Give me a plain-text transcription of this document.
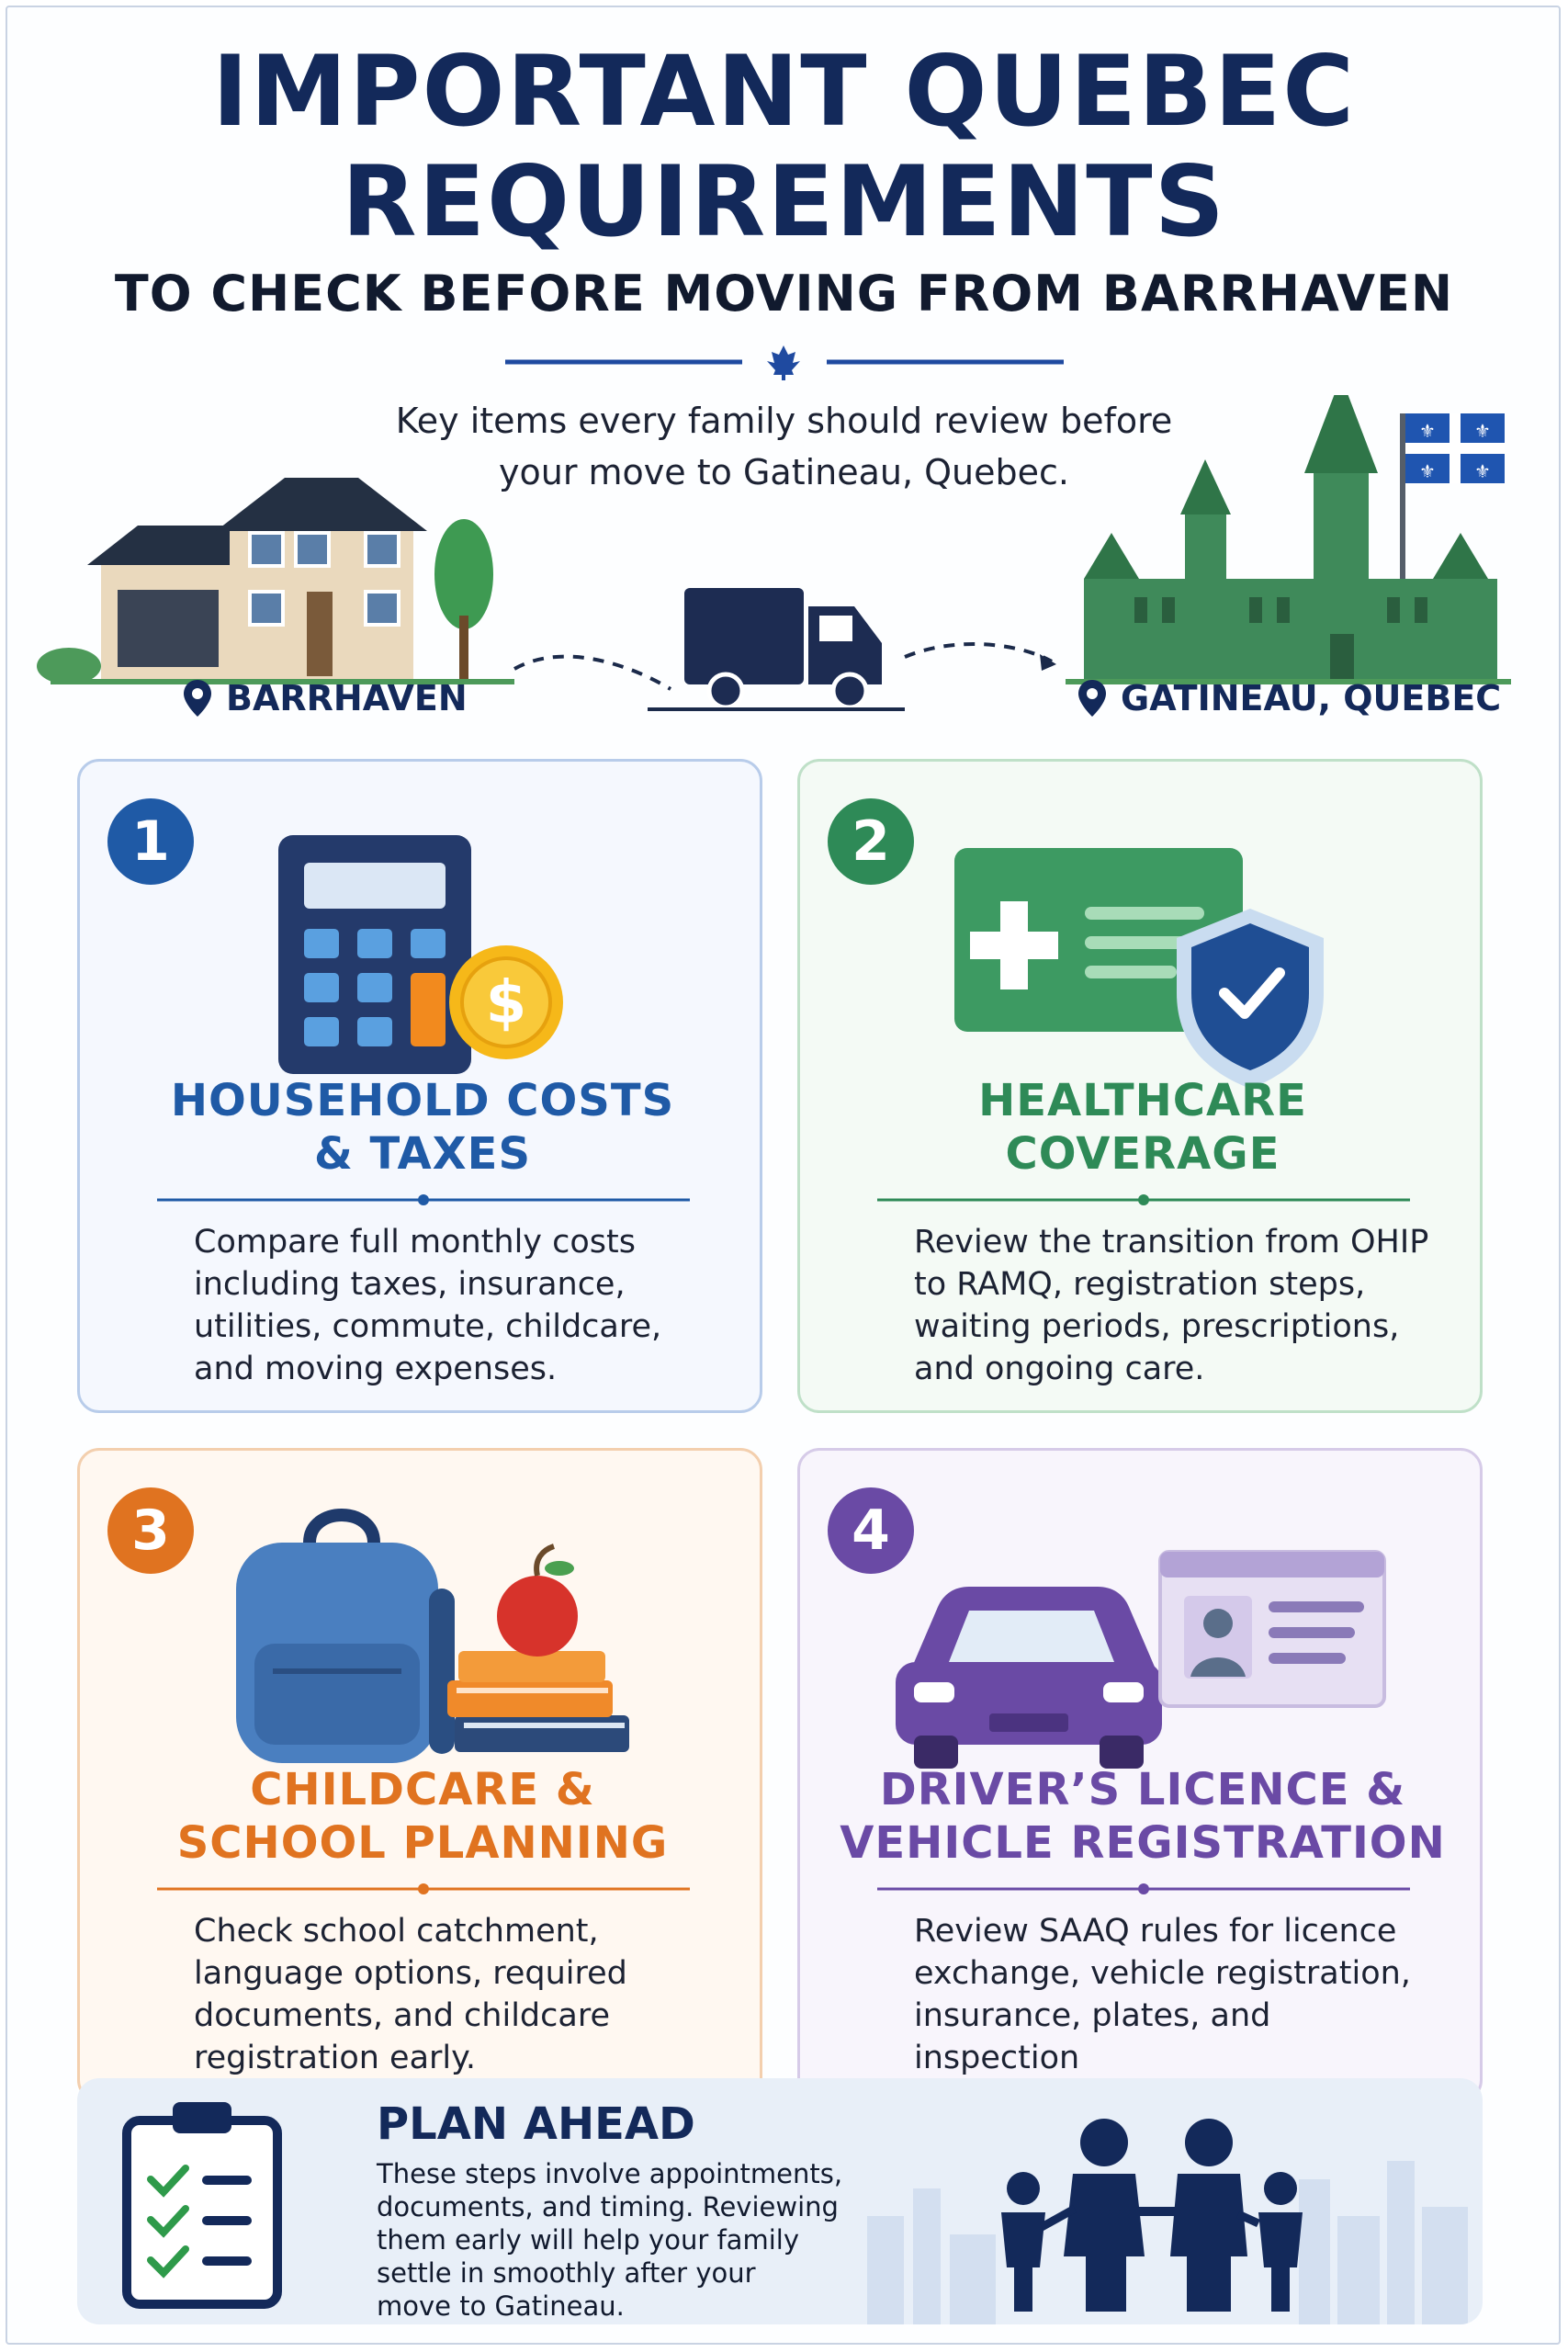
IMPORTANT QUEBEC
REQUIREMENTS
TO CHECK BEFORE MOVING FROM BARRHAVEN
Key items every family should review before
your move to Gatineau, Quebec.
⚜ ⚜
⚜ ⚜
BARRHAVEN	GATINEAU, QUEBEC
1
$
HOUSEHOLD COSTS
& TAXES
Compare full monthly costs
including taxes, insurance,
utilities, commute, childcare,
and moving expenses.
2
HEALTHCARE
COVERAGE
Review the transition from OHIP
to RAMQ, registration steps,
waiting periods, prescriptions,
and ongoing care.
3
CHILDCARE &
SCHOOL PLANNING
Check school catchment,
language options, required
documents, and childcare
registration early.
4
DRIVER’S LICENCE &
VEHICLE REGISTRATION
Review SAAQ rules for licence
exchange, vehicle registration,
insurance, plates, and inspection
PLAN AHEAD
These steps involve appointments,
documents, and timing. Reviewing
them early will help your family
settle in smoothly after your
move to Gatineau.
